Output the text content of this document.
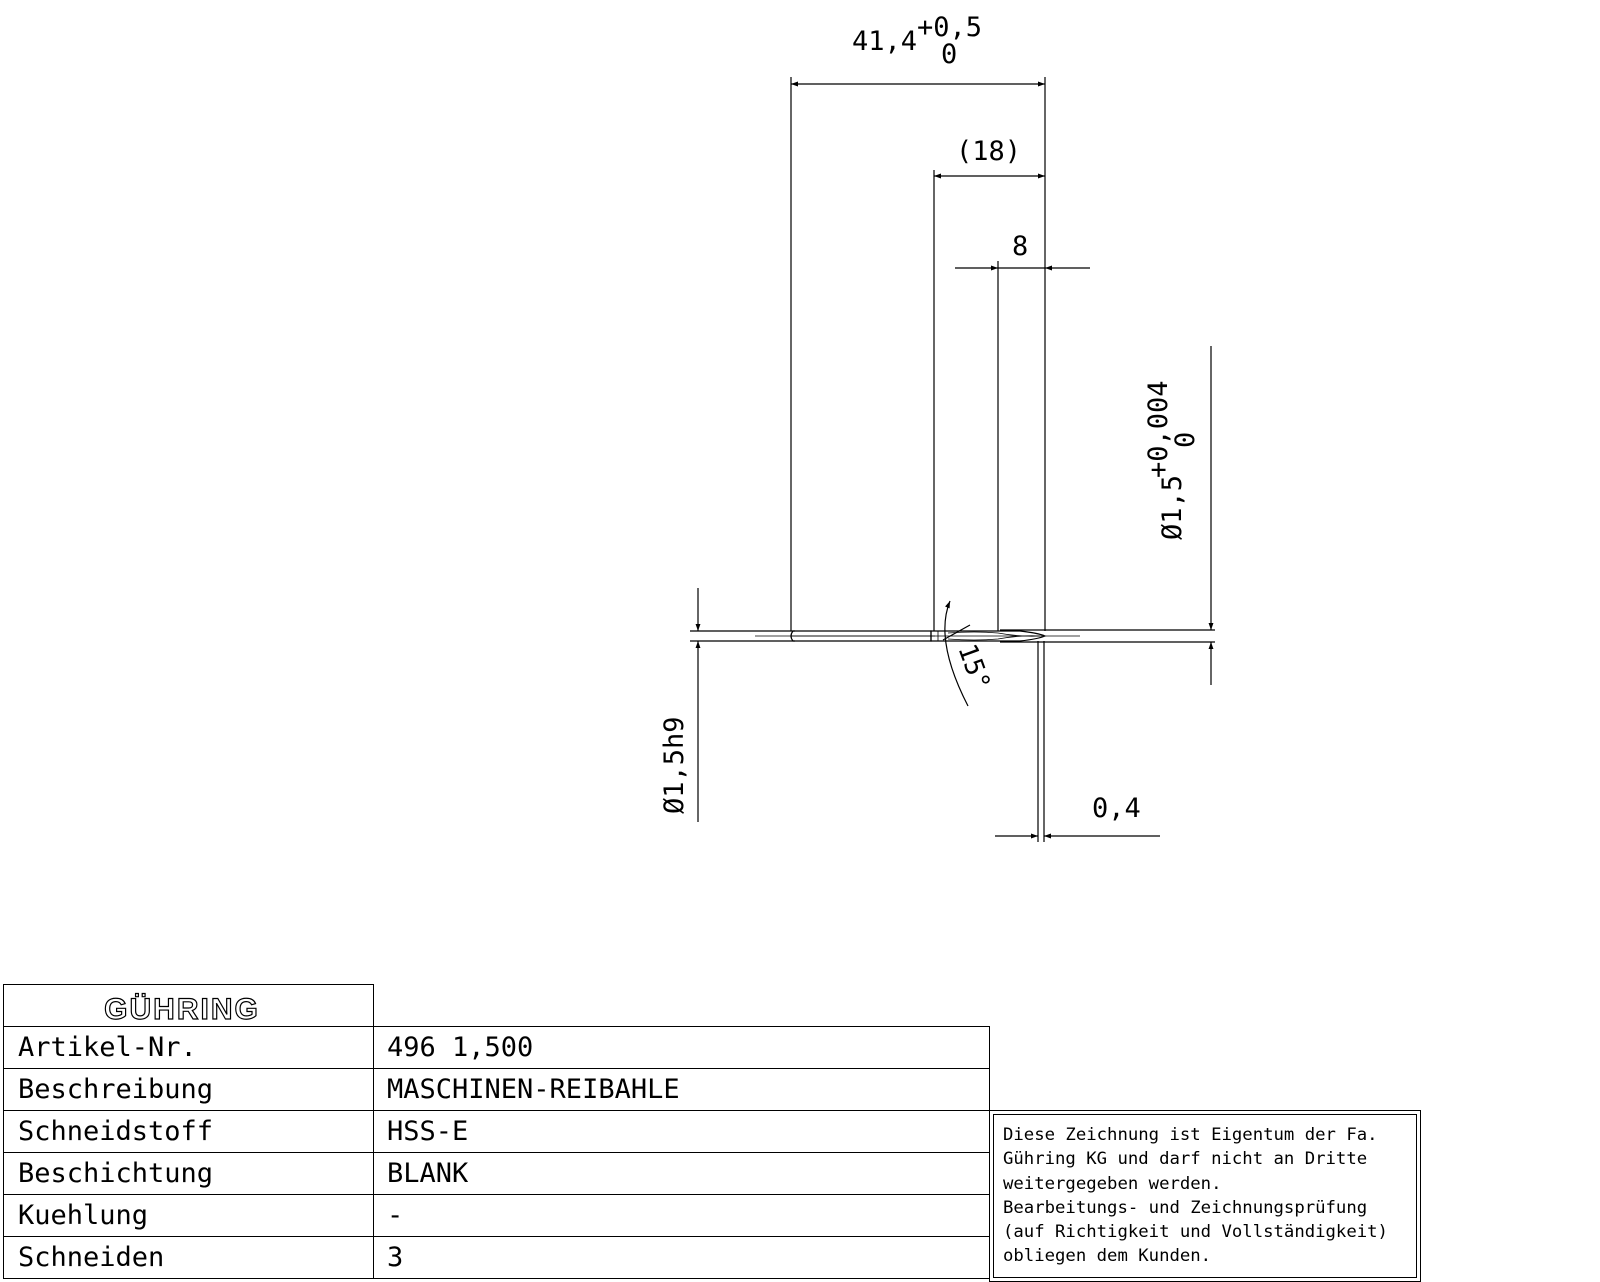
41,4 +0,5
0
(18)
8
Ø1,5
+0,004
0
Ø1,5h9
15°
0,4
GÜHRING
Artikel-Nr.	496 1,500
Beschreibung	MASCHINEN-REIBAHLE
Schneidstoff	HSS-E
Beschichtung	BLANK
Kuehlung	-
Schneiden	3
Diese Zeichnung ist Eigentum der Fa.
Gühring KG und darf nicht an Dritte
weitergegeben werden.
Bearbeitungs- und Zeichnungsprüfung
(auf Richtigkeit und Vollständigkeit)
obliegen dem Kunden.
